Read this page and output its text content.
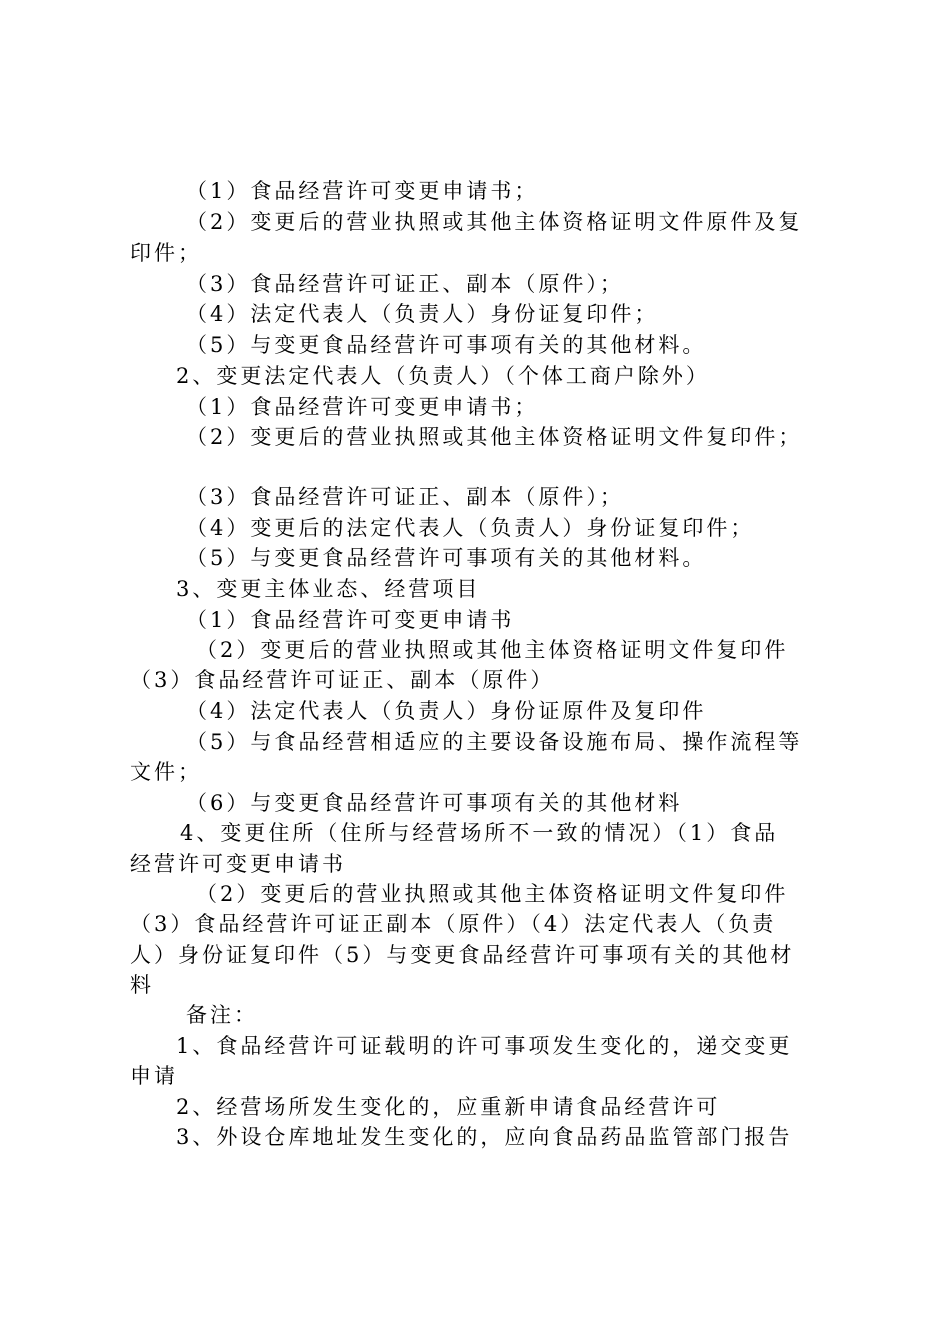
（1）食品经营许可变更申请书；
（2）变更后的营业执照或其他主体资格证明文件原件及复
印件；
（3）食品经营许可证正、副本（原件）；
（4）法定代表人（负责人）身份证复印件；
（5）与变更食品经营许可事项有关的其他材料。
2、变更法定代表人（负责人）（个体工商户除外）
（1）食品经营许可变更申请书；
（2）变更后的营业执照或其他主体资格证明文件复印件；
（3）食品经营许可证正、副本（原件）；
（4）变更后的法定代表人（负责人）身份证复印件；
（5）与变更食品经营许可事项有关的其他材料。
3、变更主体业态、经营项目
（1）食品经营许可变更申请书
（2）变更后的营业执照或其他主体资格证明文件复印件
（3）食品经营许可证正、副本（原件）
（4）法定代表人（负责人）身份证原件及复印件
（5）与食品经营相适应的主要设备设施布局、操作流程等
文件；
（6）与变更食品经营许可事项有关的其他材料
4、变更住所（住所与经营场所不一致的情况）（1）食品
经营许可变更申请书
（2）变更后的营业执照或其他主体资格证明文件复印件
（3）食品经营许可证正副本（原件）（4）法定代表人（负责
人）身份证复印件（5）与变更食品经营许可事项有关的其他材
料
备注：
1、食品经营许可证载明的许可事项发生变化的，递交变更
申请
2、经营场所发生变化的，应重新申请食品经营许可
3、外设仓库地址发生变化的，应向食品药品监管部门报告
